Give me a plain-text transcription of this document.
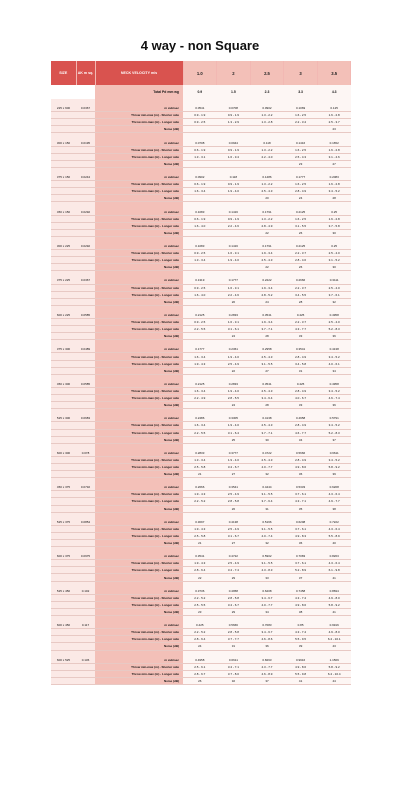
4 way - non Square
SIZE	AK m sq.	NECK VELOCITY m/s	1.0	2	2.5	3	3.5
		Total Pd mm wg	0.9	1.5	2.3	3.3	4.3

225 x 600	0.0367	m cub/sec	0.0541	0.0708	0.0902	0.1069	0.125
		Throw min-max (m) - Shorter side	0.9 - 1.9	0.9 - 1.9	1.3 - 2.2	1.6 - 2.5	1.6 - 2.8
		Throw min-max (m) - Longer side	0.9 - 2.5	1.3 - 2.9	1.3 - 2.8	2.2 - 3.4	2.5 - 3.7
		Noise (dB)					23

300 x 150	0.0195	m cub/sec	0.0708	0.0944	0.118	0.1416	0.1652
		Throw min-max (m) - Shorter side	0.6 - 1.9	0.9 - 1.9	1.3 - 2.2	1.6 - 2.5	1.6 - 2.8
		Throw min-max (m) - Longer side	1.3 - 3.1	1.6 - 3.4	2.2 - 4.0	2.5 - 4.3	3.1 - 4.6
		Noise (dB)				23	27

375 x 150	0.0244	m cub/sec	0.0902	0.118	0.1486	0.1777	0.2083
		Throw min-max (m) - Shorter side	0.6 - 1.9	0.9 - 1.9	1.3 - 2.2	1.6 - 2.5	1.6 - 2.8
		Throw min-max (m) - Longer side	1.6 - 3.4	1.9 - 4.0	2.5 - 4.3	2.8 - 4.9	3.4 - 5.2
		Noise (dB)			20	24	28

450 x 150	0.0292	m cub/sec	0.1083	0.1416	0.1791	0.2125	0.25
		Throw min-max (m) - Shorter side	0.6 - 1.9	0.9 - 1.9	1.3 - 2.2	1.6 - 2.5	1.6 - 2.8
		Throw min-max (m) - Longer side	1.6 - 4.0	2.2 - 4.6	2.8 - 4.9	3.1 - 5.5	3.7 - 5.8
		Noise (dB)			22	26	30

300 x 225	0.0292	m cub/sec	0.1083	0.1416	0.1791	0.2125	0.25
		Throw min-max (m) - Shorter side	0.9 - 2.5	1.6 - 3.1	1.9 - 3.4	2.2 - 3.7	2.5 - 4.0
		Throw min-max (m) - Longer side	1.3 - 3.4	1.9 - 4.0	2.5 - 4.3	2.8 - 4.6	3.1 - 5.2
		Noise (dB)			22	26	30

375 x 225	0.0367	m cub/sec	0.1319	0.1777	0.2222	0.2666	0.3111
		Throw min-max (m) - Shorter side	0.9 - 2.5	1.6 - 3.1	1.9 - 3.4	2.2 - 3.7	2.5 - 4.0
		Throw min-max (m) - Longer side	1.6 - 4.0	2.2 - 4.6	2.8 - 5.2	3.4 - 5.5	3.7 - 6.1
		Noise (dB)		20	24	28	32

600 x 225	0.0585	m cub/sec	0.2125	0.2833	0.3541	0.425	0.4958
		Throw min-max (m) - Shorter side	0.9 - 2.5	1.6 - 3.1	1.9 - 3.4	2.2 - 3.7	2.5 - 4.0
		Throw min-max (m) - Longer side	2.2 - 5.5	3.1 - 6.1	3.7 - 7.1	4.3 - 7.7	5.2 - 8.3
		Noise (dB)		24	28	33	36

375 x 300	0.0489	m cub/sec	0.1777	0.2361	0.2958	0.3541	0.4138
		Throw min-max (m) - Shorter side	1.6 - 3.4	1.9 - 4.0	2.5 - 4.3	2.8 - 4.9	3.4 - 5.2
		Throw min-max (m) - Longer side	1.9 - 4.3	2.5 - 4.9	3.1 - 5.5	3.4 - 5.8	4.0 - 6.1
		Noise (dB)		22	27	31	34

450 x 300	0.0585	m cub/sec	0.2125	0.2833	0.3541	0.425	0.4958
		Throw min-max (m) - Shorter side	1.6 - 3.4	1.9 - 4.0	2.5 - 4.3	2.8 - 4.9	3.4 - 5.2
		Throw min-max (m) - Longer side	2.2 - 4.9	2.8 - 5.5	3.4 - 6.4	4.0 - 6.7	4.6 - 7.4
		Noise (dB)		24	28	33	36

525 x 300	0.0683	m cub/sec	0.2486	0.3305	0.4138	0.4958	0.5791
		Throw min-max (m) - Shorter side	1.6 - 3.4	1.9 - 4.0	2.5 - 4.3	2.8 - 4.9	3.4 - 5.2
		Throw min-max (m) - Longer side	2.2 - 5.5	3.1 - 6.4	3.7 - 7.1	4.6 - 7.7	5.2 - 8.3
		Noise (dB)		25	30	34	37

600 x 300	0.078	m cub/sec	0.2833	0.3777	0.4722	0.5666	0.6611
		Throw min-max (m) - Shorter side	1.3 - 3.4	1.9 - 4.0	2.5 - 4.3	2.8 - 4.9	3.4 - 5.2
		Throw min-max (m) - Longer side	2.5 - 5.8	3.4 - 6.7	4.0 - 7.7	4.9 - 8.6	5.8 - 9.2
		Noise (dB)	21	27	32	36	39

450 x 375	0.0732	m cub/sec	0.2666	0.3541	0.4444	0.5333	0.6208
		Throw min-max (m) - Shorter side	1.9 - 4.3	2.5 - 4.9	3.1 - 5.5	3.7 - 6.1	4.3 - 6.4
		Throw min-max (m) - Longer side	2.2 - 5.2	2.8 - 5.8	3.7 - 6.4	4.3 - 7.1	4.9 - 7.7
		Noise (dB)		26	31	35	38

525 x 375	0.0854	m cub/sec	0.3097	0.4138	0.5166	0.6208	0.7222
		Throw min-max (m) - Shorter side	1.9 - 4.3	2.5 - 4.9	3.1 - 5.5	3.7 - 6.1	4.3 - 6.4
		Throw min-max (m) - Longer side	2.5 - 5.8	3.1 - 6.7	4.0 - 7.4	4.9 - 8.3	5.5 - 8.9
		Noise (dB)	21	27	32	36	40

600 x 375	0.0975	m cub/sec	0.3541	0.4722	0.5902	0.7083	0.8263
		Throw min-max (m) - Shorter side	1.9 - 4.3	2.5 - 4.9	3.1 - 5.5	3.7 - 6.1	4.3 - 6.4
		Throw min-max (m) - Longer side	2.8 - 6.4	3.4 - 7.4	4.3 - 8.3	5.2 - 8.9	6.1 - 9.8
		Noise (dB)	22	29	33	37	41

525 x 450	0.102	m cub/sec	0.3736	0.4958	0.6208	0.7458	0.8694
		Throw min-max (m) - Shorter side	2.2 - 5.2	2.8 - 5.8	3.4 - 6.7	4.3 - 7.4	4.9 - 8.0
		Throw min-max (m) - Longer side	2.5 - 5.5	3.4 - 6.7	4.0 - 7.7	4.9 - 8.6	5.8 - 9.2
		Noise (dB)	23	29	34	38	41

600 x 450	0.117	m cub/sec	0.425	0.5666	0.7083	0.85	0.9916
		Throw min-max (m) - Shorter side	2.2 - 5.2	2.8 - 5.8	3.4 - 6.7	4.3 - 7.4	4.9 - 8.0
		Throw min-max (m) - Longer side	2.8 - 6.4	3.7 - 7.7	4.6 - 8.6	5.5 - 9.5	6.4 - 10.1
		Noise (dB)	24	31	36	39	43

600 x 525	0.136	m cub/sec	0.4958	0.6611	0.8263	0.9916	1.1569
		Throw min-max (m) - Shorter side	2.5 - 6.1	3.4 - 7.1	4.3 - 7.7	4.9 - 8.6	5.8 - 9.2
		Throw min-max (m) - Longer side	2.8 - 6.7	3.7 - 8.0	4.6 - 8.9	5.5 - 9.8	6.4 - 10.4
		Noise (dB)	26	32	37	41	44
